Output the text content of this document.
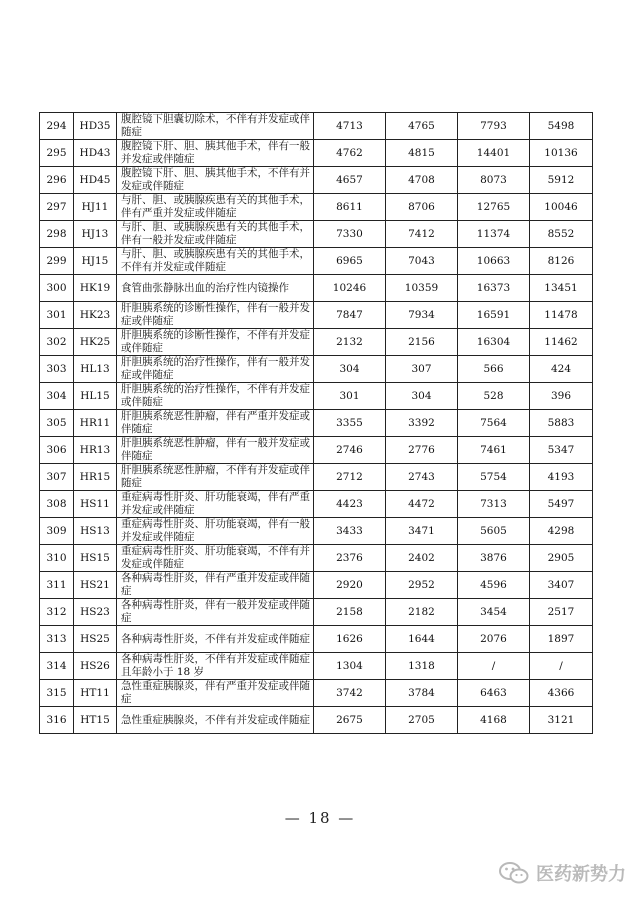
294	HD35	腹腔镜下胆囊切除术，不伴有并发症或伴随症	4713	4765	7793	5498
295	HD43	腹腔镜下肝、胆、胰其他手术，伴有一般并发症或伴随症	4762	4815	14401	10136
296	HD45	腹腔镜下肝、胆、胰其他手术，不伴有并发症或伴随症	4657	4708	8073	5912
297	HJ11	与肝、胆、或胰腺疾患有关的其他手术，伴有严重并发症或伴随症	8611	8706	12765	10046
298	HJ13	与肝、胆、或胰腺疾患有关的其他手术，伴有一般并发症或伴随症	7330	7412	11374	8552
299	HJ15	与肝、胆、或胰腺疾患有关的其他手术，不伴有并发症或伴随症	6965	7043	10663	8126
300	HK19	食管曲张静脉出血的治疗性内镜操作	10246	10359	16373	13451
301	HK23	肝胆胰系统的诊断性操作，伴有一般并发症或伴随症	7847	7934	16591	11478
302	HK25	肝胆胰系统的诊断性操作，不伴有并发症或伴随症	2132	2156	16304	11462
303	HL13	肝胆胰系统的治疗性操作，伴有一般并发症或伴随症	304	307	566	424
304	HL15	肝胆胰系统的治疗性操作，不伴有并发症或伴随症	301	304	528	396
305	HR11	肝胆胰系统恶性肿瘤，伴有严重并发症或伴随症	3355	3392	7564	5883
306	HR13	肝胆胰系统恶性肿瘤，伴有一般并发症或伴随症	2746	2776	7461	5347
307	HR15	肝胆胰系统恶性肿瘤，不伴有并发症或伴随症	2712	2743	5754	4193
308	HS11	重症病毒性肝炎、肝功能衰竭，伴有严重并发症或伴随症	4423	4472	7313	5497
309	HS13	重症病毒性肝炎、肝功能衰竭，伴有一般并发症或伴随症	3433	3471	5605	4298
310	HS15	重症病毒性肝炎、肝功能衰竭，不伴有并发症或伴随症	2376	2402	3876	2905
311	HS21	各种病毒性肝炎，伴有严重并发症或伴随症	2920	2952	4596	3407
312	HS23	各种病毒性肝炎，伴有一般并发症或伴随症	2158	2182	3454	2517
313	HS25	各种病毒性肝炎，不伴有并发症或伴随症	1626	1644	2076	1897
314	HS26	各种病毒性肝炎，不伴有并发症或伴随症且年龄小于 18 岁	1304	1318	/	/
315	HT11	急性重症胰腺炎，伴有严重并发症或伴随症	3742	3784	6463	4366
316	HT15	急性重症胰腺炎，不伴有并发症或伴随症	2675	2705	4168	3121
— 18 —
医药新势力
